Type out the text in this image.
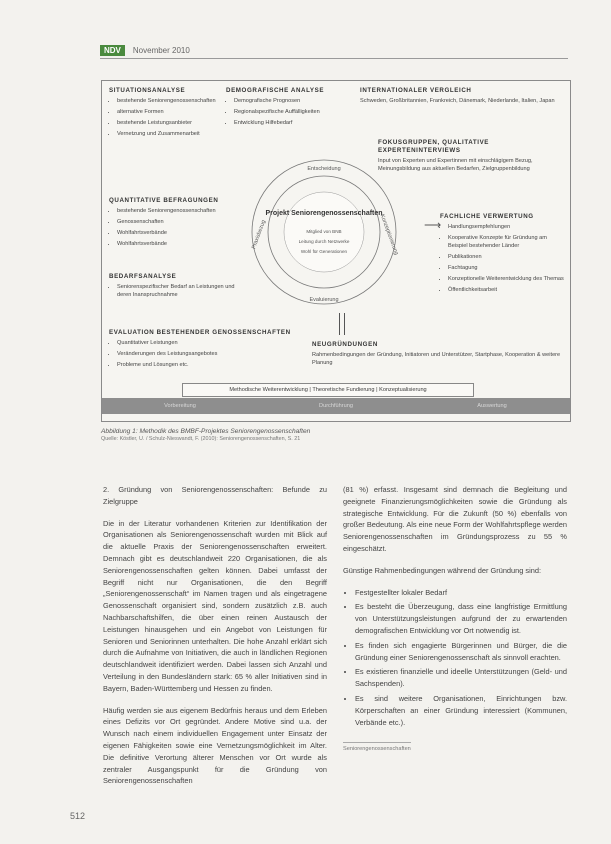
NDV	November 2010
SITUATIONSANALYSE
• bestehende Seniorengenossenschaften
• alternative Formen
• bestehende Leistungsanbieter
• Vernetzung und Zusammenarbeit
DEMOGRAFISCHE ANALYSE
• Demografische Prognosen
• Regionalspezifische Auffälligkeiten
• Entwicklung Hilfebedarf
INTERNATIONALER VERGLEICH

Schweden, Großbritannien, Frankreich, Dänemark, Niederlande, Italien, Japan

FOKUSGRUPPEN, QUALITATIVE EXPERTENINTERVIEWS

Input von Experten und Expertinnen mit einschlägigem Bezug, Meinungsbildung aus aktuellen Bedarfen, Zielgruppenbildung

QUANTITATIVE BEFRAGUNGEN
• bestehende Seniorengenossenschaften
• Genossenschaften
• Wohlfahrtsverbände
• Wohlfahrtsverbände
BEDARFSANALYSE
• Seniorenspezifischer Bedarf an Leistungen und deren Inanspruchnahme
FACHLICHE VERWERTUNG
• Handlungsempfehlungen
• Kooperative Konzepte für Gründung am Beispiel bestehender Länder
• Publikationen
• Fachtagung
• Konzeptionelle Weiterentwicklung des Themas
• Öffentlichkeitsarbeit
Entscheidung
Evaluierung
Praxisbezug	Konzeptionierung
Projekt Seniorengenossenschaften
Mitglied von BNB
Leitung durch Netzwerke
Wohl für Generationen
⟶
EVALUATION BESTEHENDER GENOSSENSCHAFTEN
• Quantitativer Leistungen
• Veränderungen des Leistungsangebotes
• Probleme und Lösungen etc.
NEUGRÜNDUNGEN

Rahmenbedingungen der Gründung, Initiatoren und Unterstützer, Startphase, Kooperation & weitere Planung

Methodische Weiterentwicklung | Theoretische Fundierung | Konzeptualisierung
Vorbereitung	Durchführung	Auswertung
Abbildung 1: Methodik des BMBF-Projektes Seniorengenossenschaften
Quelle: Köstler, U. / Schulz-Nieswandt, F. (2010): Seniorengenossenschaften, S. 21
2. Gründung von Seniorengenossenschaften: Befunde zu Zielgruppe

Die in der Literatur vorhandenen Kriterien zur Identifikation der Organisationen als Seniorengenossenschaft wurden mit Blick auf die aktuelle Praxis der Seniorengenossenschaften erweitert. Demnach gibt es deutschlandweit 220 Organisationen, die als Seniorengenossenschaften gelten können. Dabei umfasst der Begriff nicht nur Organisationen, die den Begriff „Seniorengenossenschaft“ im Namen tragen und als eingetragene Genossenschaft organisiert sind, sondern zusätzlich z.B. auch Nachbarschaftshilfen, die über einen reinen Austausch der Leistungen hinausgehen und ein Angebot von Leistungen für Senioren und Seniorinnen unterhalten. Die hohe Anzahl erklärt sich durch die Aufnahme von Initiativen, die auch in ländlichen Regionen deutschlandweit identifiziert werden. Dabei lassen sich Anzahl und Verteilung in den Bundesländern stark: 65 % aller Initiativen sind in Bayern, Baden-Württemberg und Hessen zu finden.

Häufig werden sie aus eigenem Bedürfnis heraus und dem Erleben eines Defizits vor Ort gegründet. Andere Motive sind u.a. der Wunsch nach einem individuellen Engagement unter Einsatz der eigenen Fähigkeiten sowie eine Vernetzungsmöglichkeit im Alter. Die definitive Verortung älterer Menschen vor Ort wurde als zentraler Ausgangspunkt für die Gründung von Seniorengenossenschaften

(81 %) erfasst. Insgesamt sind demnach die Begleitung und geeignete Finanzierungsmöglichkeiten sowie die Gründung als strategische Entwicklung. Für die Zukunft (50 %) ebenfalls von großer Bedeutung. Als eine neue Form der Wohlfahrtspflege werden Seniorengenossenschaften im Gründungsprozess zu 55 % eingeschätzt.

Günstige Rahmenbedingungen während der Gründung sind:

• Festgestellter lokaler Bedarf
• Es besteht die Überzeugung, dass eine langfristige Ermittlung von Unterstützungsleistungen aufgrund der zu erwartenden demografischen Entwicklung vor Ort notwendig ist.
• Es finden sich engagierte Bürgerinnen und Bürger, die die Gründung einer Seniorengenossenschaft als sinnvoll erachten.
• Es existieren finanzielle und ideelle Unterstützungen (Geld- und Sachspenden).
• Es sind weitere Organisationen, Einrichtungen bzw. Körperschaften an einer Gründung interessiert (Kommunen, Verbände etc.).
Seniorengenossenschaften
512
